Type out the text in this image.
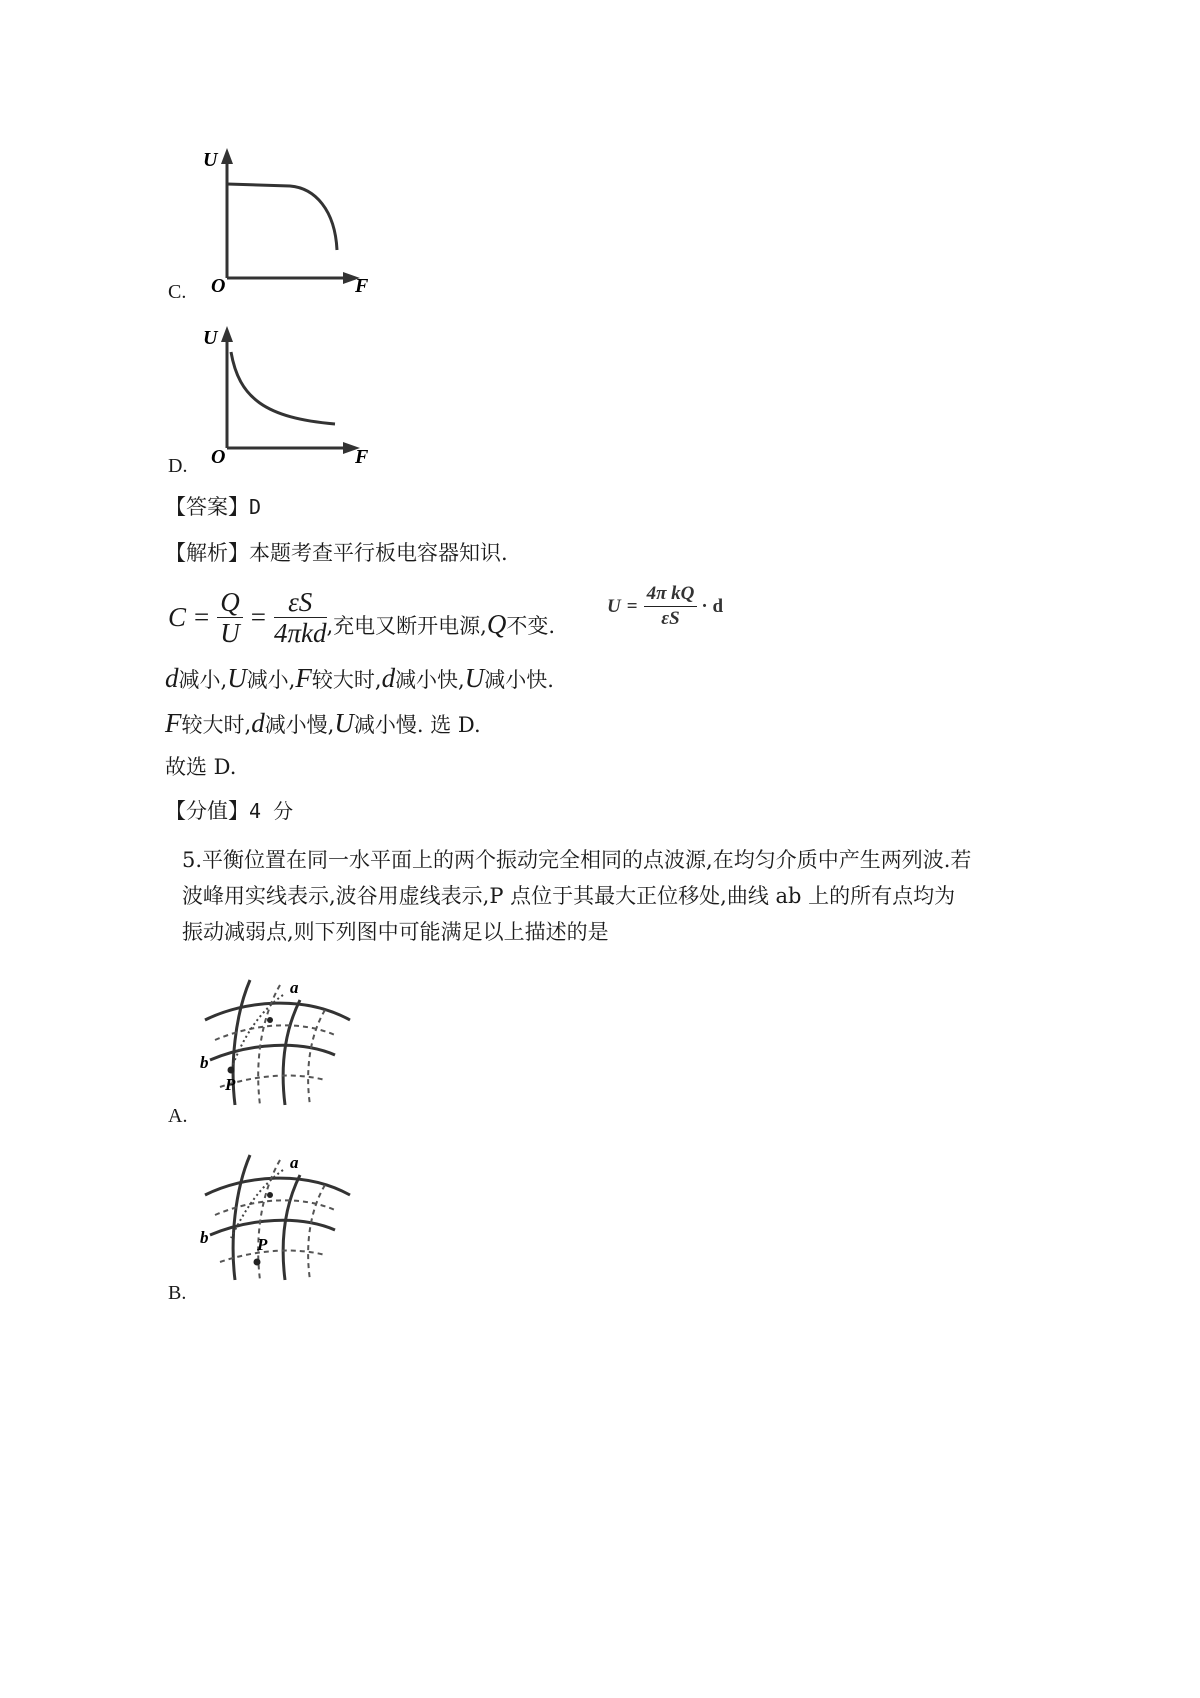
U
F
O
C.
U
F
O
D.
【答案】D
【解析】本题考查平行板电容器知识.
$C = \frac{Q}{U} = \frac{\varepsilon S}{\text{4πkd}}$ ,充电又断开电源, Q 不变.
$U = \frac{\text{4π kQ}}{\varepsilon S} \cdot d$
d 减小, U 减小, F 较大时, d 减小快, U 减小快.
F 较大时, d 减小慢, U 减小慢. 选 D.
故选 D.
【分值】4 分
5.平衡位置在同一水平面上的两个振动完全相同的点波源,在均匀介质中产生两列波.若波峰用实线表示,波谷用虚线表示,P 点位于其最大正位移处,曲线 ab 上的所有点均为振动减弱点,则下列图中可能满足以上描述的是
a
b
P
A.
a
b	P
B.
